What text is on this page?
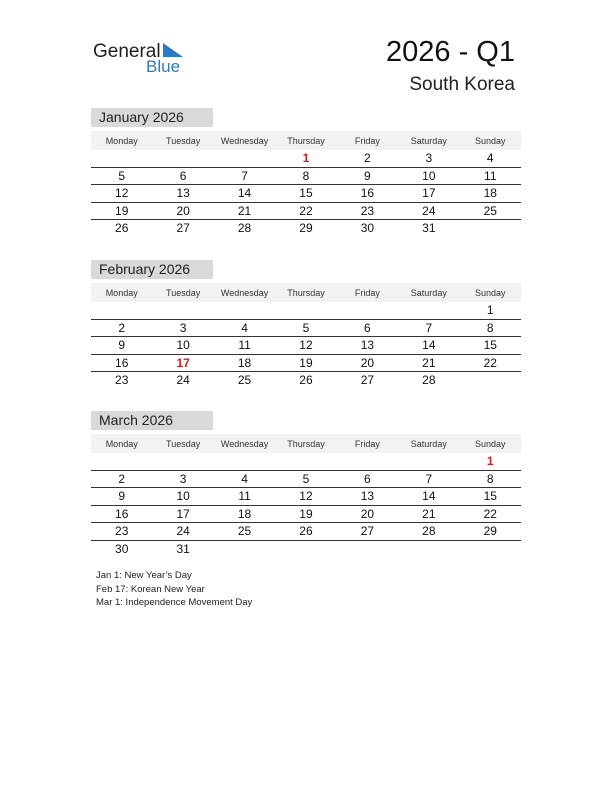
General
Blue	2026 - Q1
South Korea
January 2026
Monday	Tuesday	Wednesday	Thursday	Friday	Saturday	Sunday
			1	2	3	4
5	6	7	8	9	10	11
12	13	14	15	16	17	18
19	20	21	22	23	24	25
26	27	28	29	30	31	
February 2026
Monday	Tuesday	Wednesday	Thursday	Friday	Saturday	Sunday
						1
2	3	4	5	6	7	8
9	10	11	12	13	14	15
16	17	18	19	20	21	22
23	24	25	26	27	28	
March 2026
Monday	Tuesday	Wednesday	Thursday	Friday	Saturday	Sunday
						1
2	3	4	5	6	7	8
9	10	11	12	13	14	15
16	17	18	19	20	21	22
23	24	25	26	27	28	29
30	31					
Jan 1: New Year’s Day
Feb 17: Korean New Year
Mar 1: Independence Movement Day
